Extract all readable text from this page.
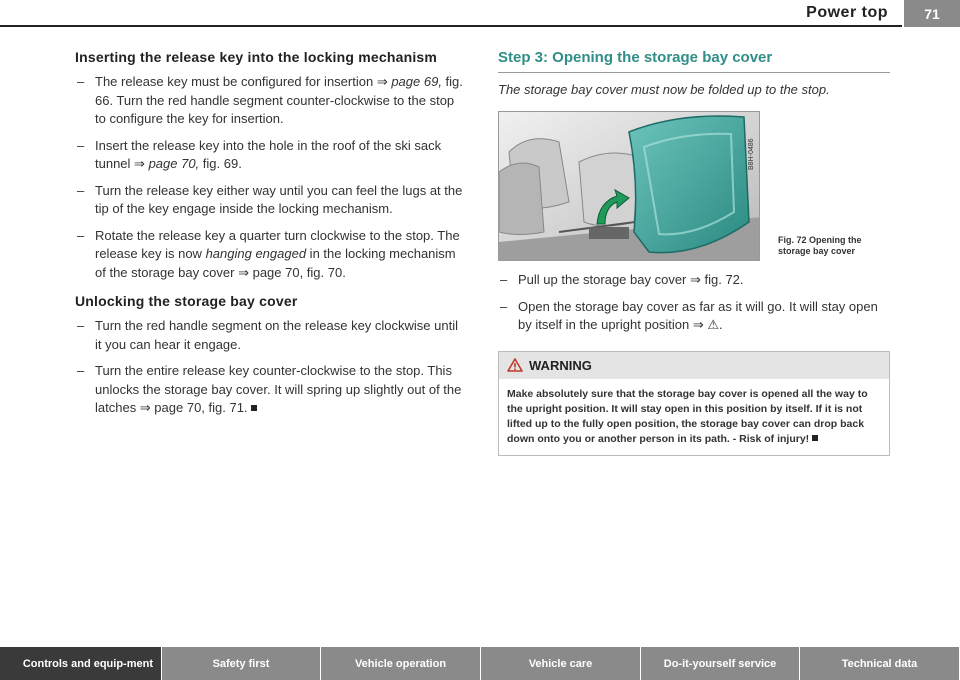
Power top	71
Inserting the release key into the locking mechanism
– The release key must be configured for insertion ⇒ page 69, fig. 66. Turn the red handle segment counter-clockwise to the stop to configure the key for insertion.
– Insert the release key into the hole in the roof of the ski sack tunnel ⇒ page 70, fig. 69.
– Turn the release key either way until you can feel the lugs at the tip of the key engage inside the locking mechanism.
– Rotate the release key a quarter turn clockwise to the stop. The release key is now hanging engaged in the locking mechanism of the storage bay cover ⇒ page 70, fig. 70.
Unlocking the storage bay cover
– Turn the red handle segment on the release key clockwise until it you can hear it engage.
– Turn the entire release key counter-clockwise to the stop. This unlocks the storage bay cover. It will spring up slightly out of the latches ⇒ page 70, fig. 71.
Step 3: Opening the storage bay cover
The storage bay cover must now be folded up to the stop.
B8H-0486
Fig. 72 Opening the storage bay cover
– Pull up the storage bay cover ⇒ fig. 72.
– Open the storage bay cover as far as it will go. It will stay open by itself in the upright position ⇒ ⚠.
WARNING
Make absolutely sure that the storage bay cover is opened all the way to the upright position. It will stay open in this position by itself. If it is not lifted up to the fully open position, the storage bay cover can drop back down onto you or another person in its path. - Risk of injury!
Controls and equip-ment	Safety first	Vehicle operation	Vehicle care	Do-it-yourself service	Technical data
